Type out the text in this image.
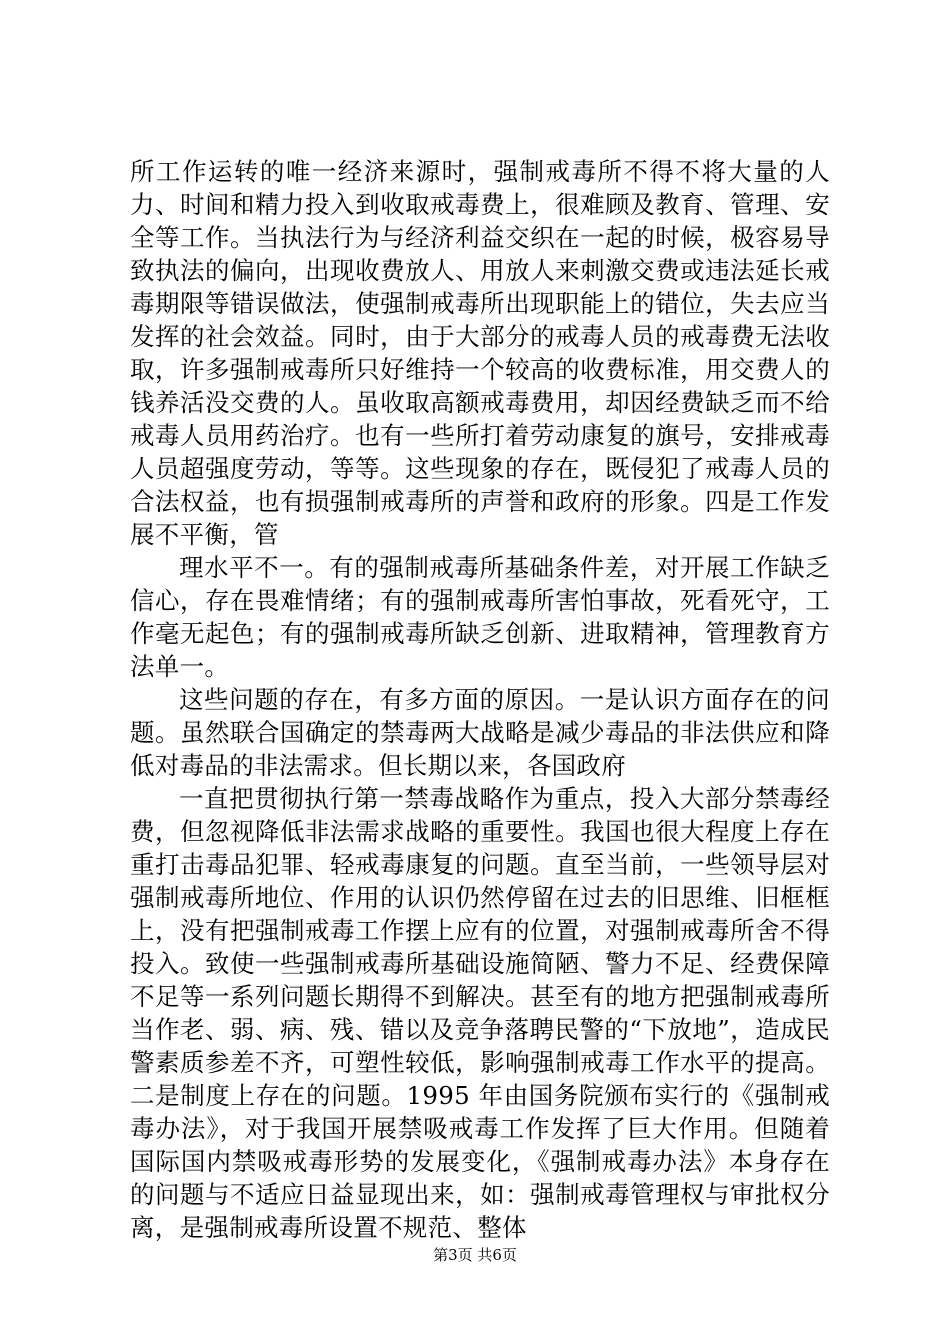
所工作运转的唯一经济来源时，强制戒毒所不得不将大量的人力、时间和精力投入到收取戒毒费上，很难顾及教育、管理、安全等工作。当执法行为与经济利益交织在一起的时候，极容易导致执法的偏向，出现收费放人、用放人来刺激交费或违法延长戒毒期限等错误做法，使强制戒毒所出现职能上的错位，失去应当发挥的社会效益。同时，由于大部分的戒毒人员的戒毒费无法收取，许多强制戒毒所只好维持一个较高的收费标准，用交费人的钱养活没交费的人。虽收取高额戒毒费用，却因经费缺乏而不给戒毒人员用药治疗。也有一些所打着劳动康复的旗号，安排戒毒人员超强度劳动，等等。这些现象的存在，既侵犯了戒毒人员的合法权益，也有损强制戒毒所的声誉和政府的形象。四是工作发展不平衡，管

理水平不一。有的强制戒毒所基础条件差，对开展工作缺乏信心，存在畏难情绪；有的强制戒毒所害怕事故，死看死守，工作毫无起色；有的强制戒毒所缺乏创新、进取精神，管理教育方法单一。

这些问题的存在，有多方面的原因。一是认识方面存在的问题。虽然联合国确定的禁毒两大战略是减少毒品的非法供应和降低对毒品的非法需求。但长期以来，各国政府

一直把贯彻执行第一禁毒战略作为重点，投入大部分禁毒经费，但忽视降低非法需求战略的重要性。我国也很大程度上存在重打击毒品犯罪、轻戒毒康复的问题。直至当前，一些领导层对强制戒毒所地位、作用的认识仍然停留在过去的旧思维、旧框框上，没有把强制戒毒工作摆上应有的位置，对强制戒毒所舍不得投入。致使一些强制戒毒所基础设施简陋、警力不足、经费保障不足等一系列问题长期得不到解决。甚至有的地方把强制戒毒所当作老、弱、病、残、错以及竞争落聘民警的“下放地”，造成民警素质参差不齐，可塑性较低，影响强制戒毒工作水平的提高。二是制度上存在的问题。1995 年由国务院颁布实行的《强制戒毒办法》，对于我国开展禁吸戒毒工作发挥了巨大作用。但随着国际国内禁吸戒毒形势的发展变化，《强制戒毒办法》本身存在的问题与不适应日益显现出来，如：强制戒毒管理权与审批权分离，是强制戒毒所设置不规范、整体

第3页 共6页
